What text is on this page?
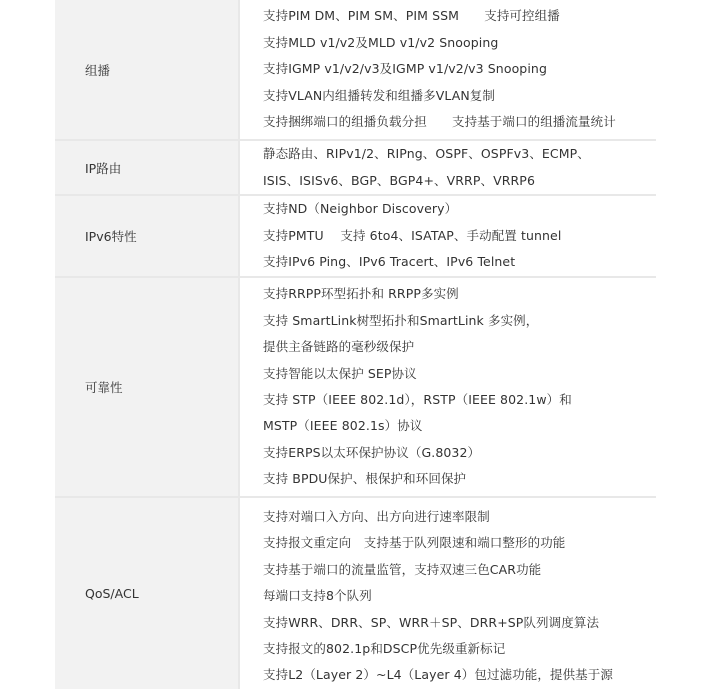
组播
支持PIM DM、PIM SM、PIM SSM　　支持可控组播
支持MLD v1/v2及MLD v1/v2 Snooping
支持IGMP v1/v2/v3及IGMP v1/v2/v3 Snooping
支持VLAN内组播转发和组播多VLAN复制
支持捆绑端口的组播负载分担　　支持基于端口的组播流量统计
IP路由
静态路由、RIPv1/2、RIPng、OSPF、OSPFv3、ECMP、
ISIS、ISISv6、BGP、BGP4+、VRRP、VRRP6
IPv6特性
支持ND（Neighbor Discovery）
支持PMTU　 支持 6to4、ISATAP、手动配置 tunnel
支持IPv6 Ping、IPv6 Tracert、IPv6 Telnet
可靠性
支持RRPP环型拓扑和 RRPP多实例
支持 SmartLink树型拓扑和SmartLink 多实例，
提供主备链路的毫秒级保护
支持智能以太保护 SEP协议
支持 STP（IEEE 802.1d），RSTP（IEEE 802.1w）和
MSTP（IEEE 802.1s）协议
支持ERPS以太环保护协议（G.8032）
支持 BPDU保护、根保护和环回保护
QoS/ACL
支持对端口入方向、出方向进行速率限制
支持报文重定向　支持基于队列限速和端口整形的功能
支持基于端口的流量监管，支持双速三色CAR功能
每端口支持8个队列
支持WRR、DRR、SP、WRR＋SP、DRR+SP队列调度算法
支持报文的802.1p和DSCP优先级重新标记
支持L2（Layer 2）~L4（Layer 4）包过滤功能，提供基于源
